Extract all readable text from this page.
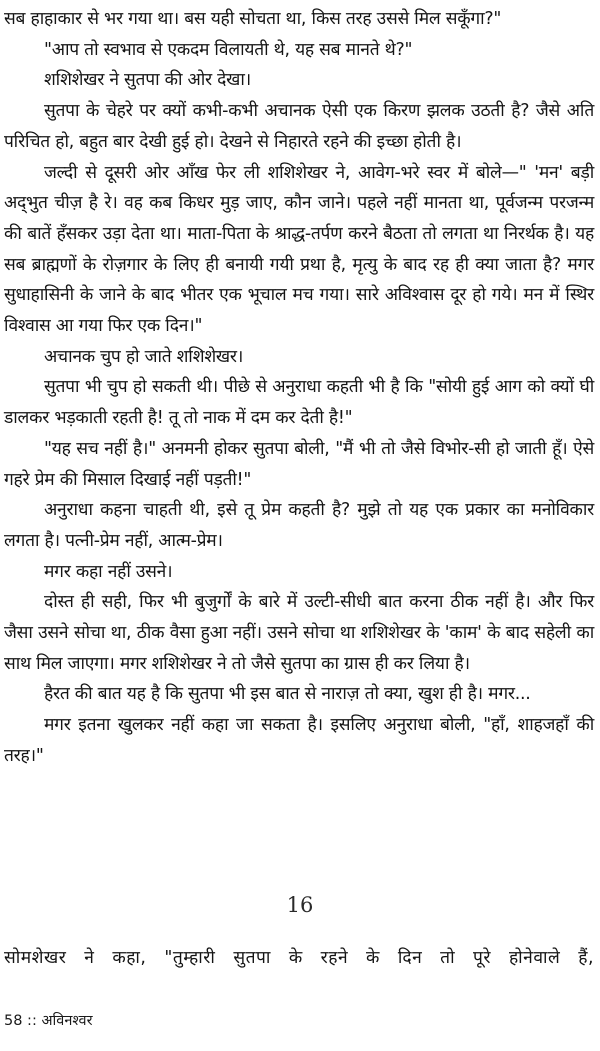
सब हाहाकार से भर गया था। बस यही सोचता था, किस तरह उससे मिल सकूँगा?"

"आप तो स्वभाव से एकदम विलायती थे, यह सब मानते थे?"

शशिशेखर ने सुतपा की ओर देखा।

सुतपा के चेहरे पर क्यों कभी-कभी अचानक ऐसी एक किरण झलक उठती है? जैसे अति परिचित हो, बहुत बार देखी हुई हो। देखने से निहारते रहने की इच्छा होती है।

जल्दी से दूसरी ओर आँख फेर ली शशिशेखर ने, आवेग-भरे स्वर में बोले—" 'मन' बड़ी अद्‌भुत चीज़ है रे। वह कब किधर मुड़ जाए, कौन जाने। पहले नहीं मानता था, पूर्वजन्म परजन्म की बातें हँसकर उड़ा देता था। माता-पिता के श्राद्ध-तर्पण करने बैठता तो लगता था निरर्थक है। यह सब ब्राह्मणों के रोज़गार के लिए ही बनायी गयी प्रथा है, मृत्यु के बाद रह ही क्या जाता है? मगर सुधाहासिनी के जाने के बाद भीतर एक भूचाल मच गया। सारे अविश्वास दूर हो गये। मन में स्थिर विश्वास आ गया फिर एक दिन।"

अचानक चुप हो जाते शशिशेखर।

सुतपा भी चुप हो सकती थी। पीछे से अनुराधा कहती भी है कि "सोयी हुई आग को क्यों घी डालकर भड़काती रहती है! तू तो नाक में दम कर देती है!"

"यह सच नहीं है।" अनमनी होकर सुतपा बोली, "मैं भी तो जैसे विभोर-सी हो जाती हूँ। ऐसे गहरे प्रेम की मिसाल दिखाई नहीं पड़ती!"

अनुराधा कहना चाहती थी, इसे तू प्रेम कहती है? मुझे तो यह एक प्रकार का मनोविकार लगता है। पत्नी-प्रेम नहीं, आत्म-प्रेम।

मगर कहा नहीं उसने।

दोस्त ही सही, फिर भी बुजुर्गों के बारे में उल्टी-सीधी बात करना ठीक नहीं है। और फिर जैसा उसने सोचा था, ठीक वैसा हुआ नहीं। उसने सोचा था शशिशेखर के 'काम' के बाद सहेली का साथ मिल जाएगा। मगर शशिशेखर ने तो जैसे सुतपा का ग्रास ही कर लिया है।

हैरत की बात यह है कि सुतपा भी इस बात से नाराज़ तो क्या, खुश ही है। मगर...

मगर इतना खुलकर नहीं कहा जा सकता है। इसलिए अनुराधा बोली, "हाँ, शाहजहाँ की तरह।"

16

सोमशेखर ने कहा, "तुम्हारी सुतपा के रहने के दिन तो पूरे होनेवाले हैं,

58 :: अविनश्वर
